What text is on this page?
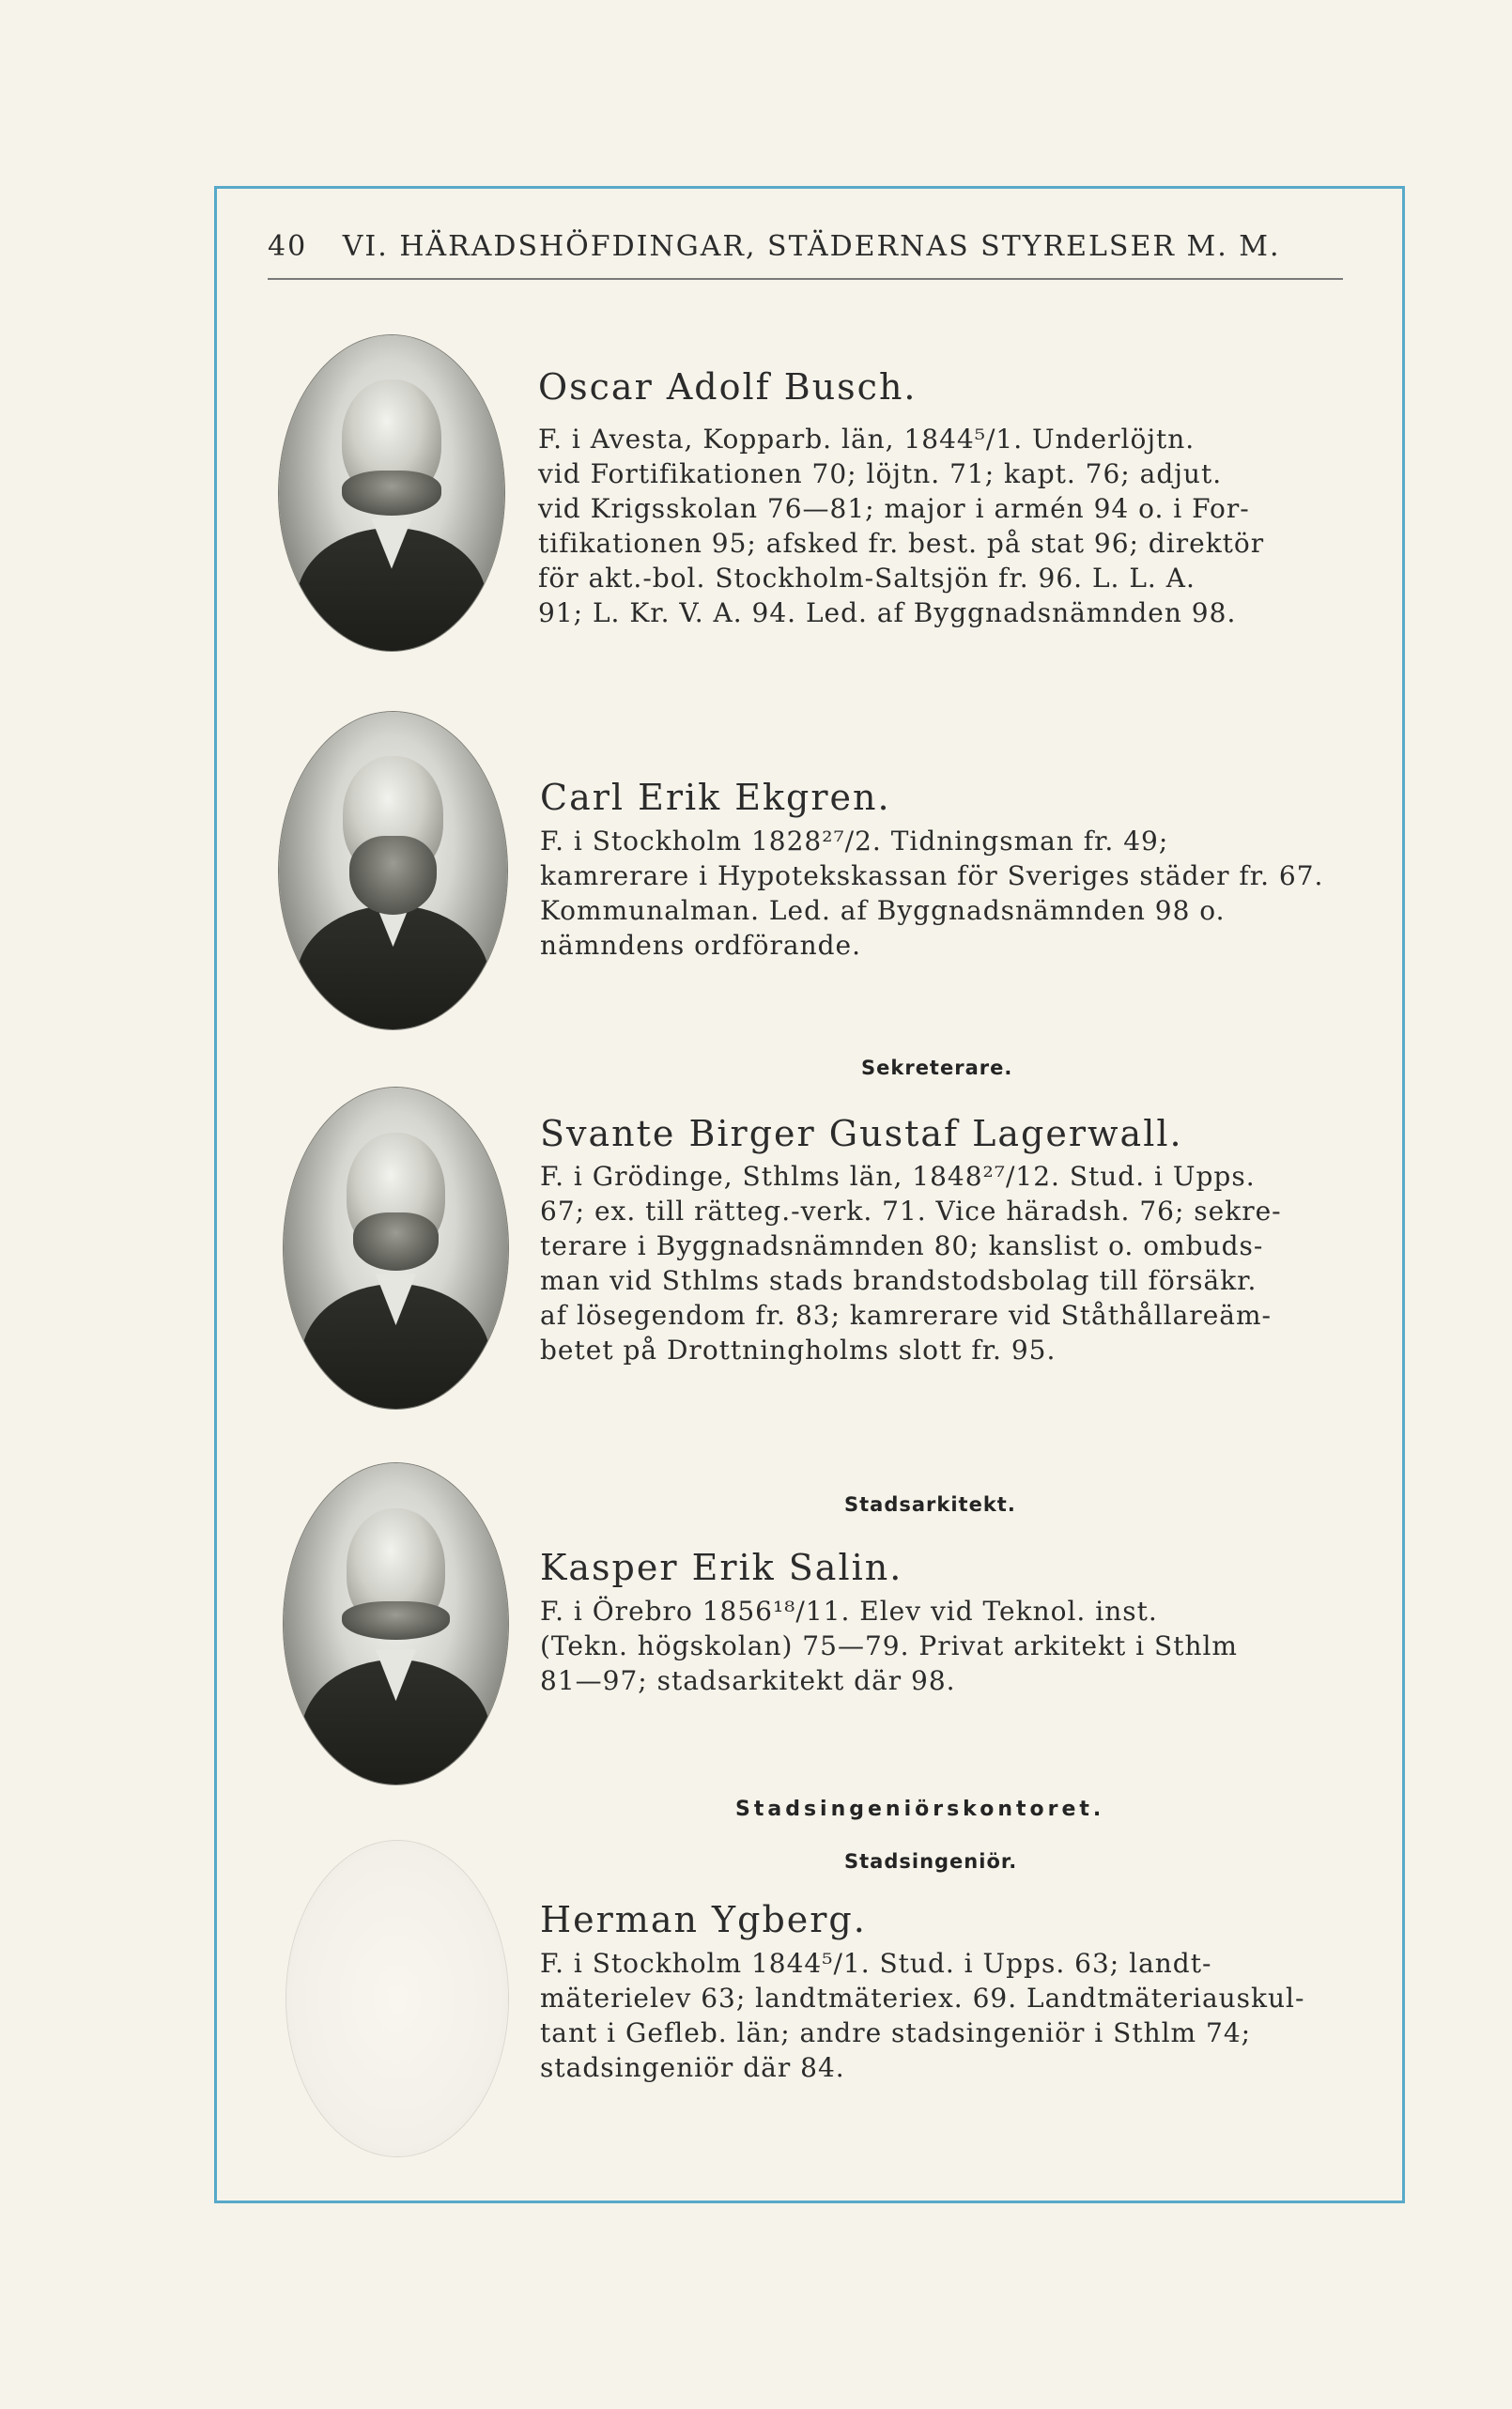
40 VI. HÄRADSHÖFDINGAR, STÄDERNAS STYRELSER M. M.
Oscar Adolf Busch.
F. i Avesta, Kopparb. län, 1844⁵/1. Underlöjtn.
vid Fortifikationen 70; löjtn. 71; kapt. 76; adjut.
vid Krigsskolan 76—81; major i armén 94 o. i For-
tifikationen 95; afsked fr. best. på stat 96; direktör
för akt.-bol. Stockholm-Saltsjön fr. 96. L. L. A.
91; L. Kr. V. A. 94. Led. af Byggnadsnämnden 98.
Carl Erik Ekgren.
F. i Stockholm 1828²⁷/2. Tidningsman fr. 49;
kamrerare i Hypotekskassan för Sveriges städer fr. 67.
Kommunalman. Led. af Byggnadsnämnden 98 o.
nämndens ordförande.
Sekreterare.
Svante Birger Gustaf Lagerwall.
F. i Grödinge, Sthlms län, 1848²⁷/12. Stud. i Upps.
67; ex. till rätteg.-verk. 71. Vice häradsh. 76; sekre-
terare i Byggnadsnämnden 80; kanslist o. ombuds-
man vid Sthlms stads brandstodsbolag till försäkr.
af lösegendom fr. 83; kamrerare vid Ståthållareäm-
betet på Drottningholms slott fr. 95.
Stadsarkitekt.
Kasper Erik Salin.
F. i Örebro 1856¹⁸/11. Elev vid Teknol. inst.
(Tekn. högskolan) 75—79. Privat arkitekt i Sthlm
81—97; stadsarkitekt där 98.
Stadsingeniörskontoret.
Stadsingeniör.
Herman Ygberg.
F. i Stockholm 1844⁵/1. Stud. i Upps. 63; landt-
mäterielev 63; landtmäteriex. 69. Landtmäteriauskul-
tant i Gefleb. län; andre stadsingeniör i Sthlm 74;
stadsingeniör där 84.
